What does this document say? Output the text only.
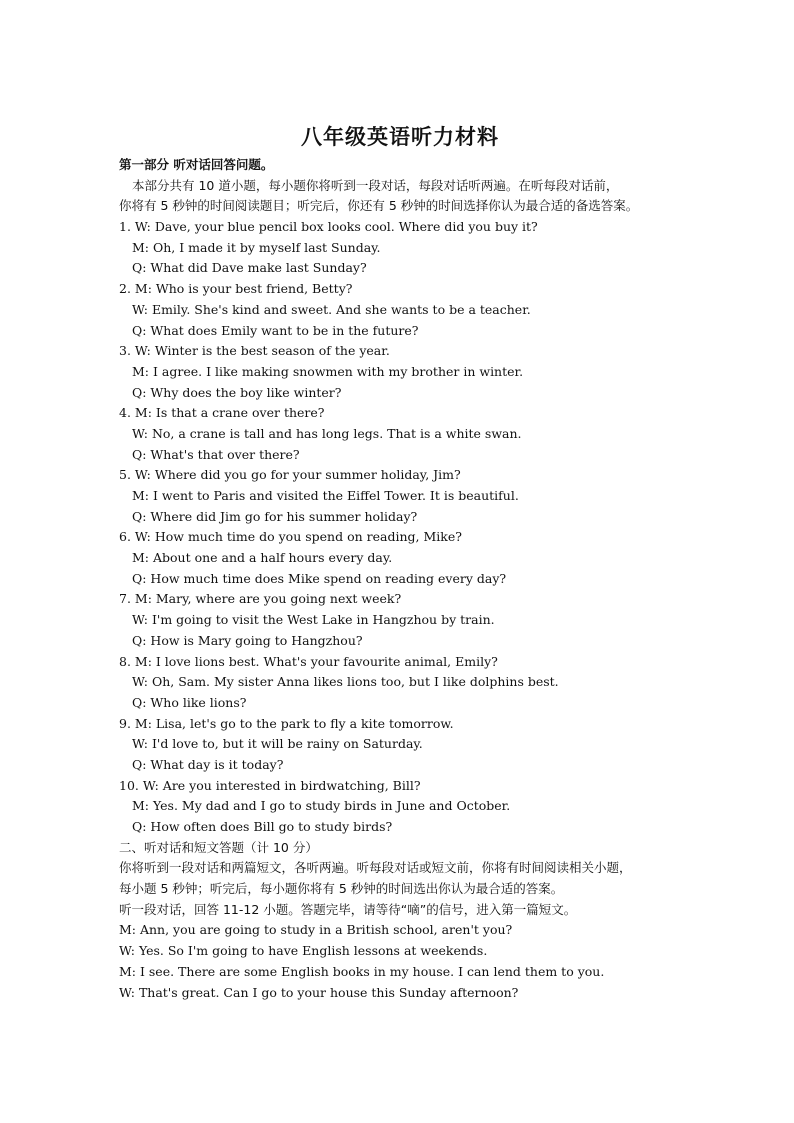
八年级英语听力材料
第一部分 听对话回答问题。
本部分共有 10 道小题，每小题你将听到一段对话，每段对话听两遍。在听每段对话前，
你将有 5 秒钟的时间阅读题目；听完后，你还有 5 秒钟的时间选择你认为最合适的备选答案。
1. W: Dave, your blue pencil box looks cool. Where did you buy it?
M: Oh, I made it by myself last Sunday.
Q: What did Dave make last Sunday?
2. M: Who is your best friend, Betty?
W: Emily. She's kind and sweet. And she wants to be a teacher.
Q: What does Emily want to be in the future?
3. W: Winter is the best season of the year.
M: I agree. I like making snowmen with my brother in winter.
Q: Why does the boy like winter?
4. M: Is that a crane over there?
W: No, a crane is tall and has long legs. That is a white swan.
Q: What's that over there?
5. W: Where did you go for your summer holiday, Jim?
M: I went to Paris and visited the Eiffel Tower. It is beautiful.
Q: Where did Jim go for his summer holiday?
6. W: How much time do you spend on reading, Mike?
M: About one and a half hours every day.
Q: How much time does Mike spend on reading every day?
7. M: Mary, where are you going next week?
W: I'm going to visit the West Lake in Hangzhou by train.
Q: How is Mary going to Hangzhou?
8. M: I love lions best. What's your favourite animal, Emily?
W: Oh, Sam. My sister Anna likes lions too, but I like dolphins best.
Q: Who like lions?
9. M: Lisa, let's go to the park to fly a kite tomorrow.
W: I'd love to, but it will be rainy on Saturday.
Q: What day is it today?
10. W: Are you interested in birdwatching, Bill?
M: Yes. My dad and I go to study birds in June and October.
Q: How often does Bill go to study birds?
二、听对话和短文答题（计 10 分）
你将听到一段对话和两篇短文，各听两遍。听每段对话或短文前，你将有时间阅读相关小题，
每小题 5 秒钟；听完后，每小题你将有 5 秒钟的时间选出你认为最合适的答案。
听一段对话，回答 11-12 小题。答题完毕，请等待“嘀”的信号，进入第一篇短文。
M: Ann, you are going to study in a British school, aren't you?
W: Yes. So I'm going to have English lessons at weekends.
M: I see. There are some English books in my house. I can lend them to you.
W: That's great. Can I go to your house this Sunday afternoon?
